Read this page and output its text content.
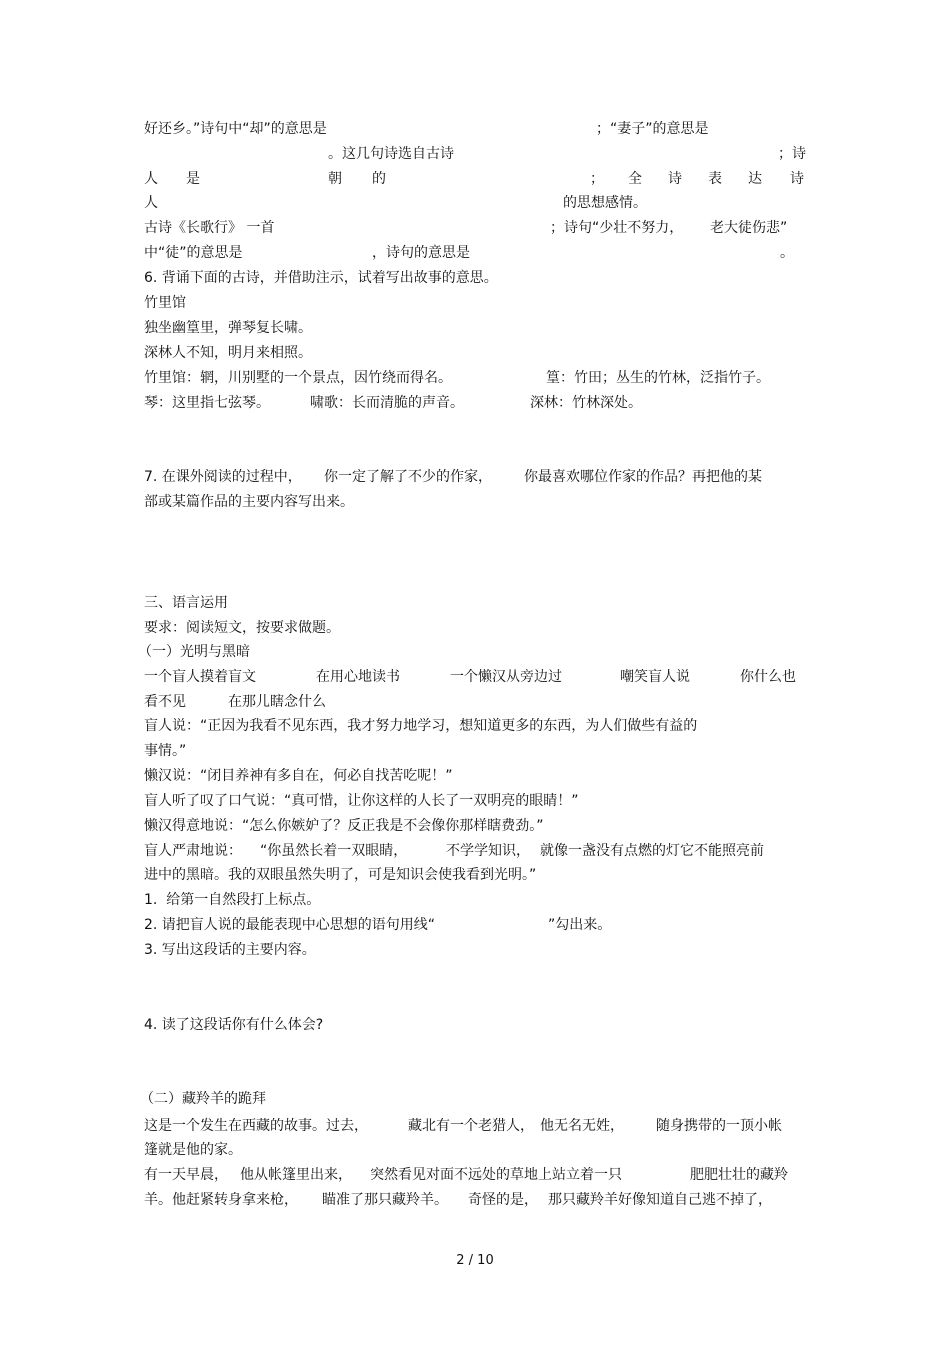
好还乡。”诗句中“却”的意思是	；“妻子”的意思是
。这几句诗选自古诗	；诗
人 是	朝 的	； 全 诗 表 达 诗
人	的思想感情。
古诗《长歌行》 一首	；诗句“少壮不努力， 老大徒伤悲”
中“徒”的意思是	，诗句的意思是	。
6. 背诵下面的古诗，并借助注示，试着写出故事的意思。
竹里馆
独坐幽篁里，弹琴复长啸。
深林人不知，明月来相照。
竹里馆：辋，川别墅的一个景点，因竹绕而得名。	篁：竹田；丛生的竹林，泛指竹子。
琴：这里指七弦琴。	啸歌：长而清脆的声音。	深林：竹林深处。
7. 在课外阅读的过程中， 你一定了解了不少的作家， 你最喜欢哪位作家的作品？再把他的某
部或某篇作品的主要内容写出来。
三、语言运用
要求：阅读短文，按要求做题。
（一）光明与黑暗
一个盲人摸着盲文	在用心地读书	一个懒汉从旁边过	嘲笑盲人说	你什么也
看不见	在那儿瞎念什么
盲人说：“正因为我看不见东西，我才努力地学习，想知道更多的东西，为人们做些有益的
事情。”
懒汉说：“闭目养神有多自在，何必自找苦吃呢！”
盲人听了叹了口气说：“真可惜，让你这样的人长了一双明亮的眼睛！”
懒汉得意地说：“怎么你嫉妒了？反正我是不会像你那样瞎费劲。”
盲人严肃地说： “你虽然长着一双眼睛，	不学学知识， 就像一盏没有点燃的灯它不能照亮前
进中的黑暗。我的双眼虽然失明了，可是知识会使我看到光明。”
1.  给第一自然段打上标点。
2. 请把盲人说的最能表现中心思想的语句用线“	”勾出来。
3. 写出这段话的主要内容。
4. 读了这段话你有什么体会?
（二）藏羚羊的跪拜
这是一个发生在西藏的故事。过去，	藏北有一个老猎人， 他无名无姓， 随身携带的一顶小帐
篷就是他的家。
有一天早晨， 他从帐篷里出来， 突然看见对面不远处的草地上站立着一只	肥肥壮壮的藏羚
羊。他赶紧转身拿来枪， 瞄准了那只藏羚羊。 奇怪的是， 那只藏羚羊好像知道自己逃不掉了，
2 / 10
